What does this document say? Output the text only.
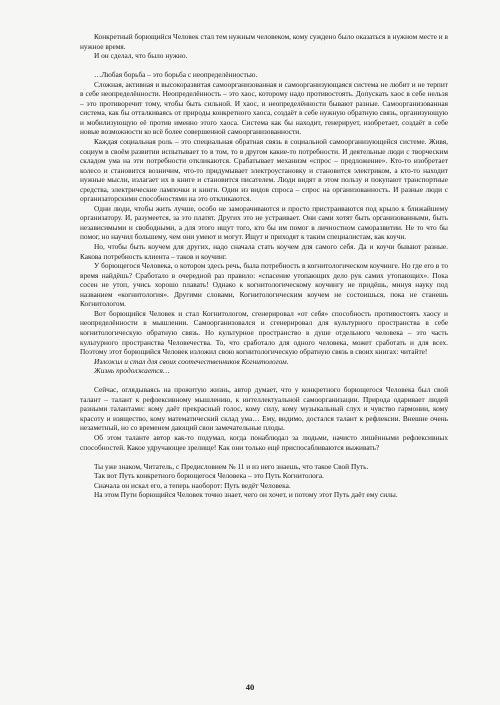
Конкретный борющийся Человек стал тем нужным человеком, кому суждено было оказаться в нужном месте и в нужное время.

И он сделал, что было нужно.

…Любая борьба – это борьба с неопределённостью.

Сложная, активная и высокоразвитая самоорганизованная и самоорганизующаяся система не любит и не терпит в себе неопределённости. Неопределённость – это хаос, которому надо противостоять. Допускать хаос в себе нельзя – это противоречит тому, чтобы быть сильной. И хаос, и неопределённости бывают разные. Самоорганизованная система, как бы отталкиваясь от природы конкретного хаоса, создаёт в себе нужную обратную связь, организующую и мобилизующую её против именно этого хаоса. Система как бы находит, генерирует, изобретает, создаёт в себе новые возможности ко всё более совершенной самоорганизованности.

Каждая социальная роль – это специальная обратная связь в социальной самоорганизующейся системе. Живя, социум в своём развитии испытывает то в том, то в другом какие-то потребности. И деятельные люди с творческим складом ума на эти потребности откликаются. Срабатывает механизм «спрос – предложение». Кто-то изобретает колесо и становится возничим, что-то придумывает электроустановку и становится электриком, а кто-то находит нужные мысли, излагает их в книге и становится писателем. Люди видят в этом пользу и покупают транспортные средства, электрические лампочки и книги. Один из видов спроса – спрос на организованность. И разные люди с организаторскими способностями на это откликаются.

Одни люди, чтобы жить лучше, особо не заморачиваются и просто пристраиваются под крыло к ближайшему организатору. И, разумеется, за это платят. Других это не устраивает. Они сами хотят быть организованными, быть независимыми и свободными, а для этого ищут того, кто бы им помог в личностном саморазвитии. Не то что бы помог, но научил большему, чем они умеют и могут. Ищут и приходят к таким специалистам, как коучи.

Но, чтобы быть коучем для других, надо сначала стать коучем для самого себя. Да и коучи бывают разные. Какова потребность клиента – таков и коучинг.

У борющегося Человека, о котором здесь речь, была потребность в когнитологическом коучинге. Но где его в то время найдёшь? Сработало в очередной раз правило: «спасение утопающих дело рук самих утопающих». Пока сосен не утоп, учись хорошо плавать! Однако к когнитологическому коучингу не придёшь, минуя науку под названием «когнитология». Другими словами, Когнитологическим коучем не состоишься, пока не станешь Когнитологом.

Вот борющийся Человек и стал Когнитологом, сгенерировал «от себя» способность противостоять хаосу и неопределённости в мышлении. Самоорганизовался и сгенерировал для культурного пространства в себе когнитологическую обратную связь. Но культурное пространство в душе отдельного человека – это часть культурного пространства Человечества. То, что сработало для одного человека, может сработать и для всех. Поэтому этот борющийся Человек изложил свою когнитологическую обратную связь в своих книгах: читайте!

Изложил и стал для своих соотечественников Когнитологом.

Жизнь продолжается…

Сейчас, оглядываясь на прожитую жизнь, автор думает, что у конкретного борющегося Человека был свой талант – талант к рефлексивному мышлению, к интеллектуальной самоорганизации. Природа одаривает людей разными талантами: кому даёт прекрасный голос, кому силу, кому музыкальный слух и чувство гармонии, кому красоту и изящество, кому математический склад ума… Ему, видимо, достался талант к рефлексии. Внешне очень незаметный, но со временем дающий свои замечательные плоды.

Об этом таланте автор как-то подумал, когда понаблюдал за людьми, начисто лишёнными рефлексивных способностей. Какое удручающее зрелище! Как они только ещё приспосабливаются выживать?

Ты уже знаком, Читатель, с Предисловием № 11 и из него знаешь, что такое Свой Путь.

Так вот Путь конкретного борющегося Человека – это Путь Когнитолога.

Сначала он искал его, а теперь наоборот: Путь ведёт Человека.

На этом Пути борющийся Человек точно знает, чего он хочет, и потому этот Путь даёт ему силы.

40
